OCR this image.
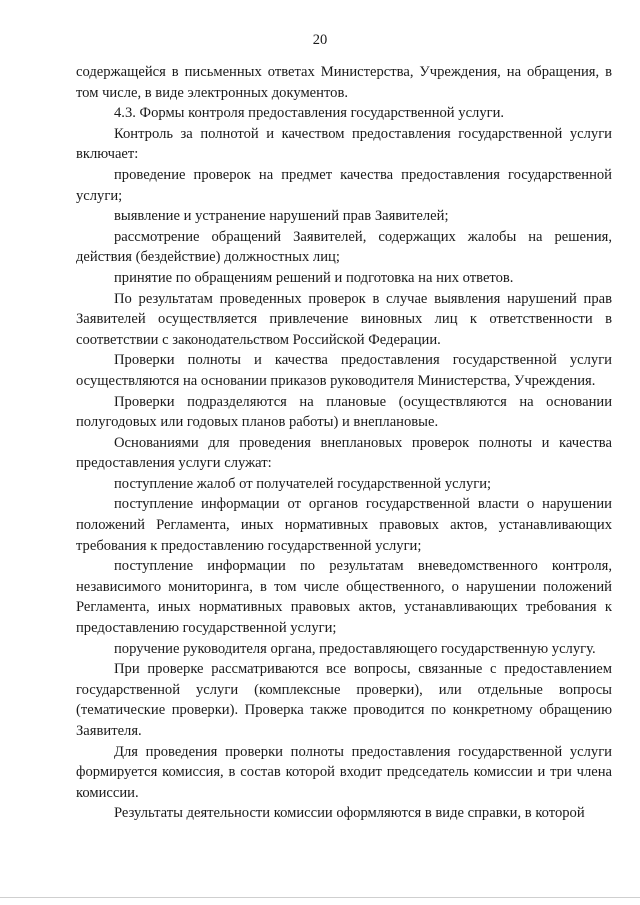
20

содержащейся в письменных ответах Министерства, Учреждения, на обращения, в том числе, в виде электронных документов.

4.3. Формы контроля предоставления государственной услуги.

Контроль за полнотой и качеством предоставления государственной услуги включает:

проведение проверок на предмет качества предоставления государственной услуги;

выявление и устранение нарушений прав Заявителей;

рассмотрение обращений Заявителей, содержащих жалобы на решения, действия (бездействие) должностных лиц;

принятие по обращениям решений и подготовка на них ответов.

По результатам проведенных проверок в случае выявления нарушений прав Заявителей осуществляется привлечение виновных лиц к ответственности в соответствии с законодательством Российской Федерации.

Проверки полноты и качества предоставления государственной услуги осуществляются на основании приказов руководителя Министерства, Учреждения.

Проверки подразделяются на плановые (осуществляются на основании полугодовых или годовых планов работы) и внеплановые.

Основаниями для проведения внеплановых проверок полноты и качества предоставления услуги служат:

поступление жалоб от получателей государственной услуги;

поступление информации от органов государственной власти о нарушении положений Регламента, иных нормативных правовых актов, устанавливающих требования к предоставлению государственной услуги;

поступление информации по результатам вневедомственного контроля, независимого мониторинга, в том числе общественного, о нарушении положений Регламента, иных нормативных правовых актов, устанавливающих требования к предоставлению государственной услуги;

поручение руководителя органа, предоставляющего государственную услугу.

При проверке рассматриваются все вопросы, связанные с предоставлением государственной услуги (комплексные проверки), или отдельные вопросы (тематические проверки). Проверка также проводится по конкретному обращению Заявителя.

Для проведения проверки полноты предоставления государственной услуги формируется комиссия, в состав которой входит председатель комиссии и три члена комиссии.

Результаты деятельности комиссии оформляются в виде справки, в которой
